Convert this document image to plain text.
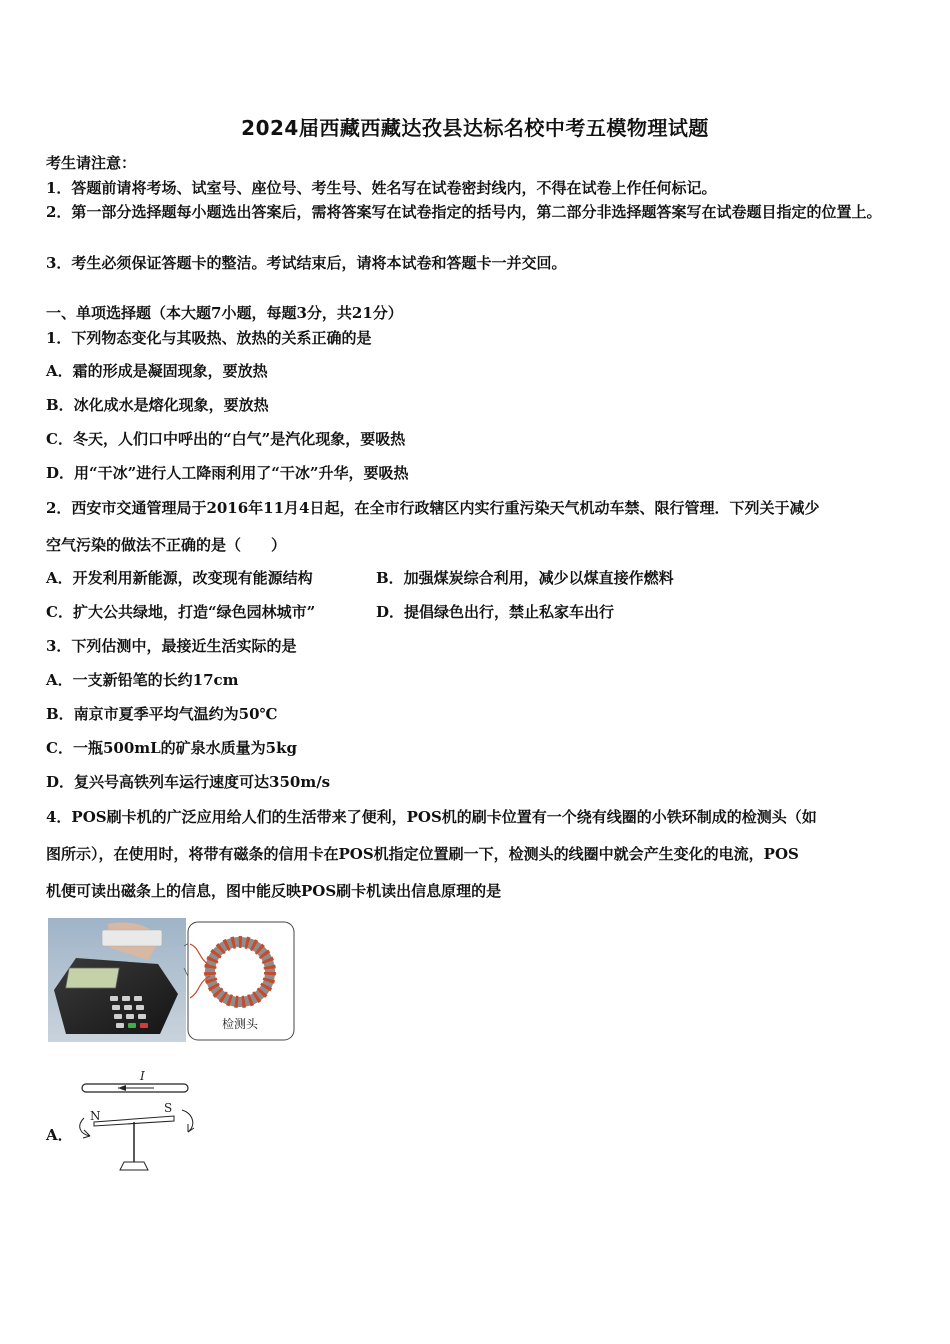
2024届西藏西藏达孜县达标名校中考五模物理试题
考生请注意：
1．答题前请将考场、试室号、座位号、考生号、姓名写在试卷密封线内，不得在试卷上作任何标记。
2．第一部分选择题每小题选出答案后，需将答案写在试卷指定的括号内，第二部分非选择题答案写在试卷题目指定的位置上。
3．考生必须保证答题卡的整洁。考试结束后，请将本试卷和答题卡一并交回。
一、单项选择题（本大题7小题，每题3分，共21分）
1．下列物态变化与其吸热、放热的关系正确的是
A．霜的形成是凝固现象，要放热
B．冰化成水是熔化现象，要放热
C．冬天，人们口中呼出的“白气”是汽化现象，要吸热
D．用“干冰”进行人工降雨利用了“干冰”升华，要吸热
2．西安市交通管理局于2016年11月4日起，在全市行政辖区内实行重污染天气机动车禁、限行管理．下列关于减少
空气污染的做法不正确的是（　　）
A．开发利用新能源，改变现有能源结构	B．加强煤炭综合利用，减少以煤直接作燃料
C．扩大公共绿地，打造“绿色园林城市”	D．提倡绿色出行，禁止私家车出行
3．下列估测中，最接近生活实际的是
A．一支新铅笔的长约17cm
B．南京市夏季平均气温约为50℃
C．一瓶500mL的矿泉水质量为5kg
D．复兴号高铁列车运行速度可达350m/s
4．POS刷卡机的广泛应用给人们的生活带来了便利，POS机的刷卡位置有一个绕有线圈的小铁环制成的检测头（如
图所示），在使用时，将带有磁条的信用卡在POS机指定位置刷一下，检测头的线圈中就会产生变化的电流，POS
机便可读出磁条上的信息，图中能反映POS刷卡机读出信息原理的是
检测头
A．
I
N
S
